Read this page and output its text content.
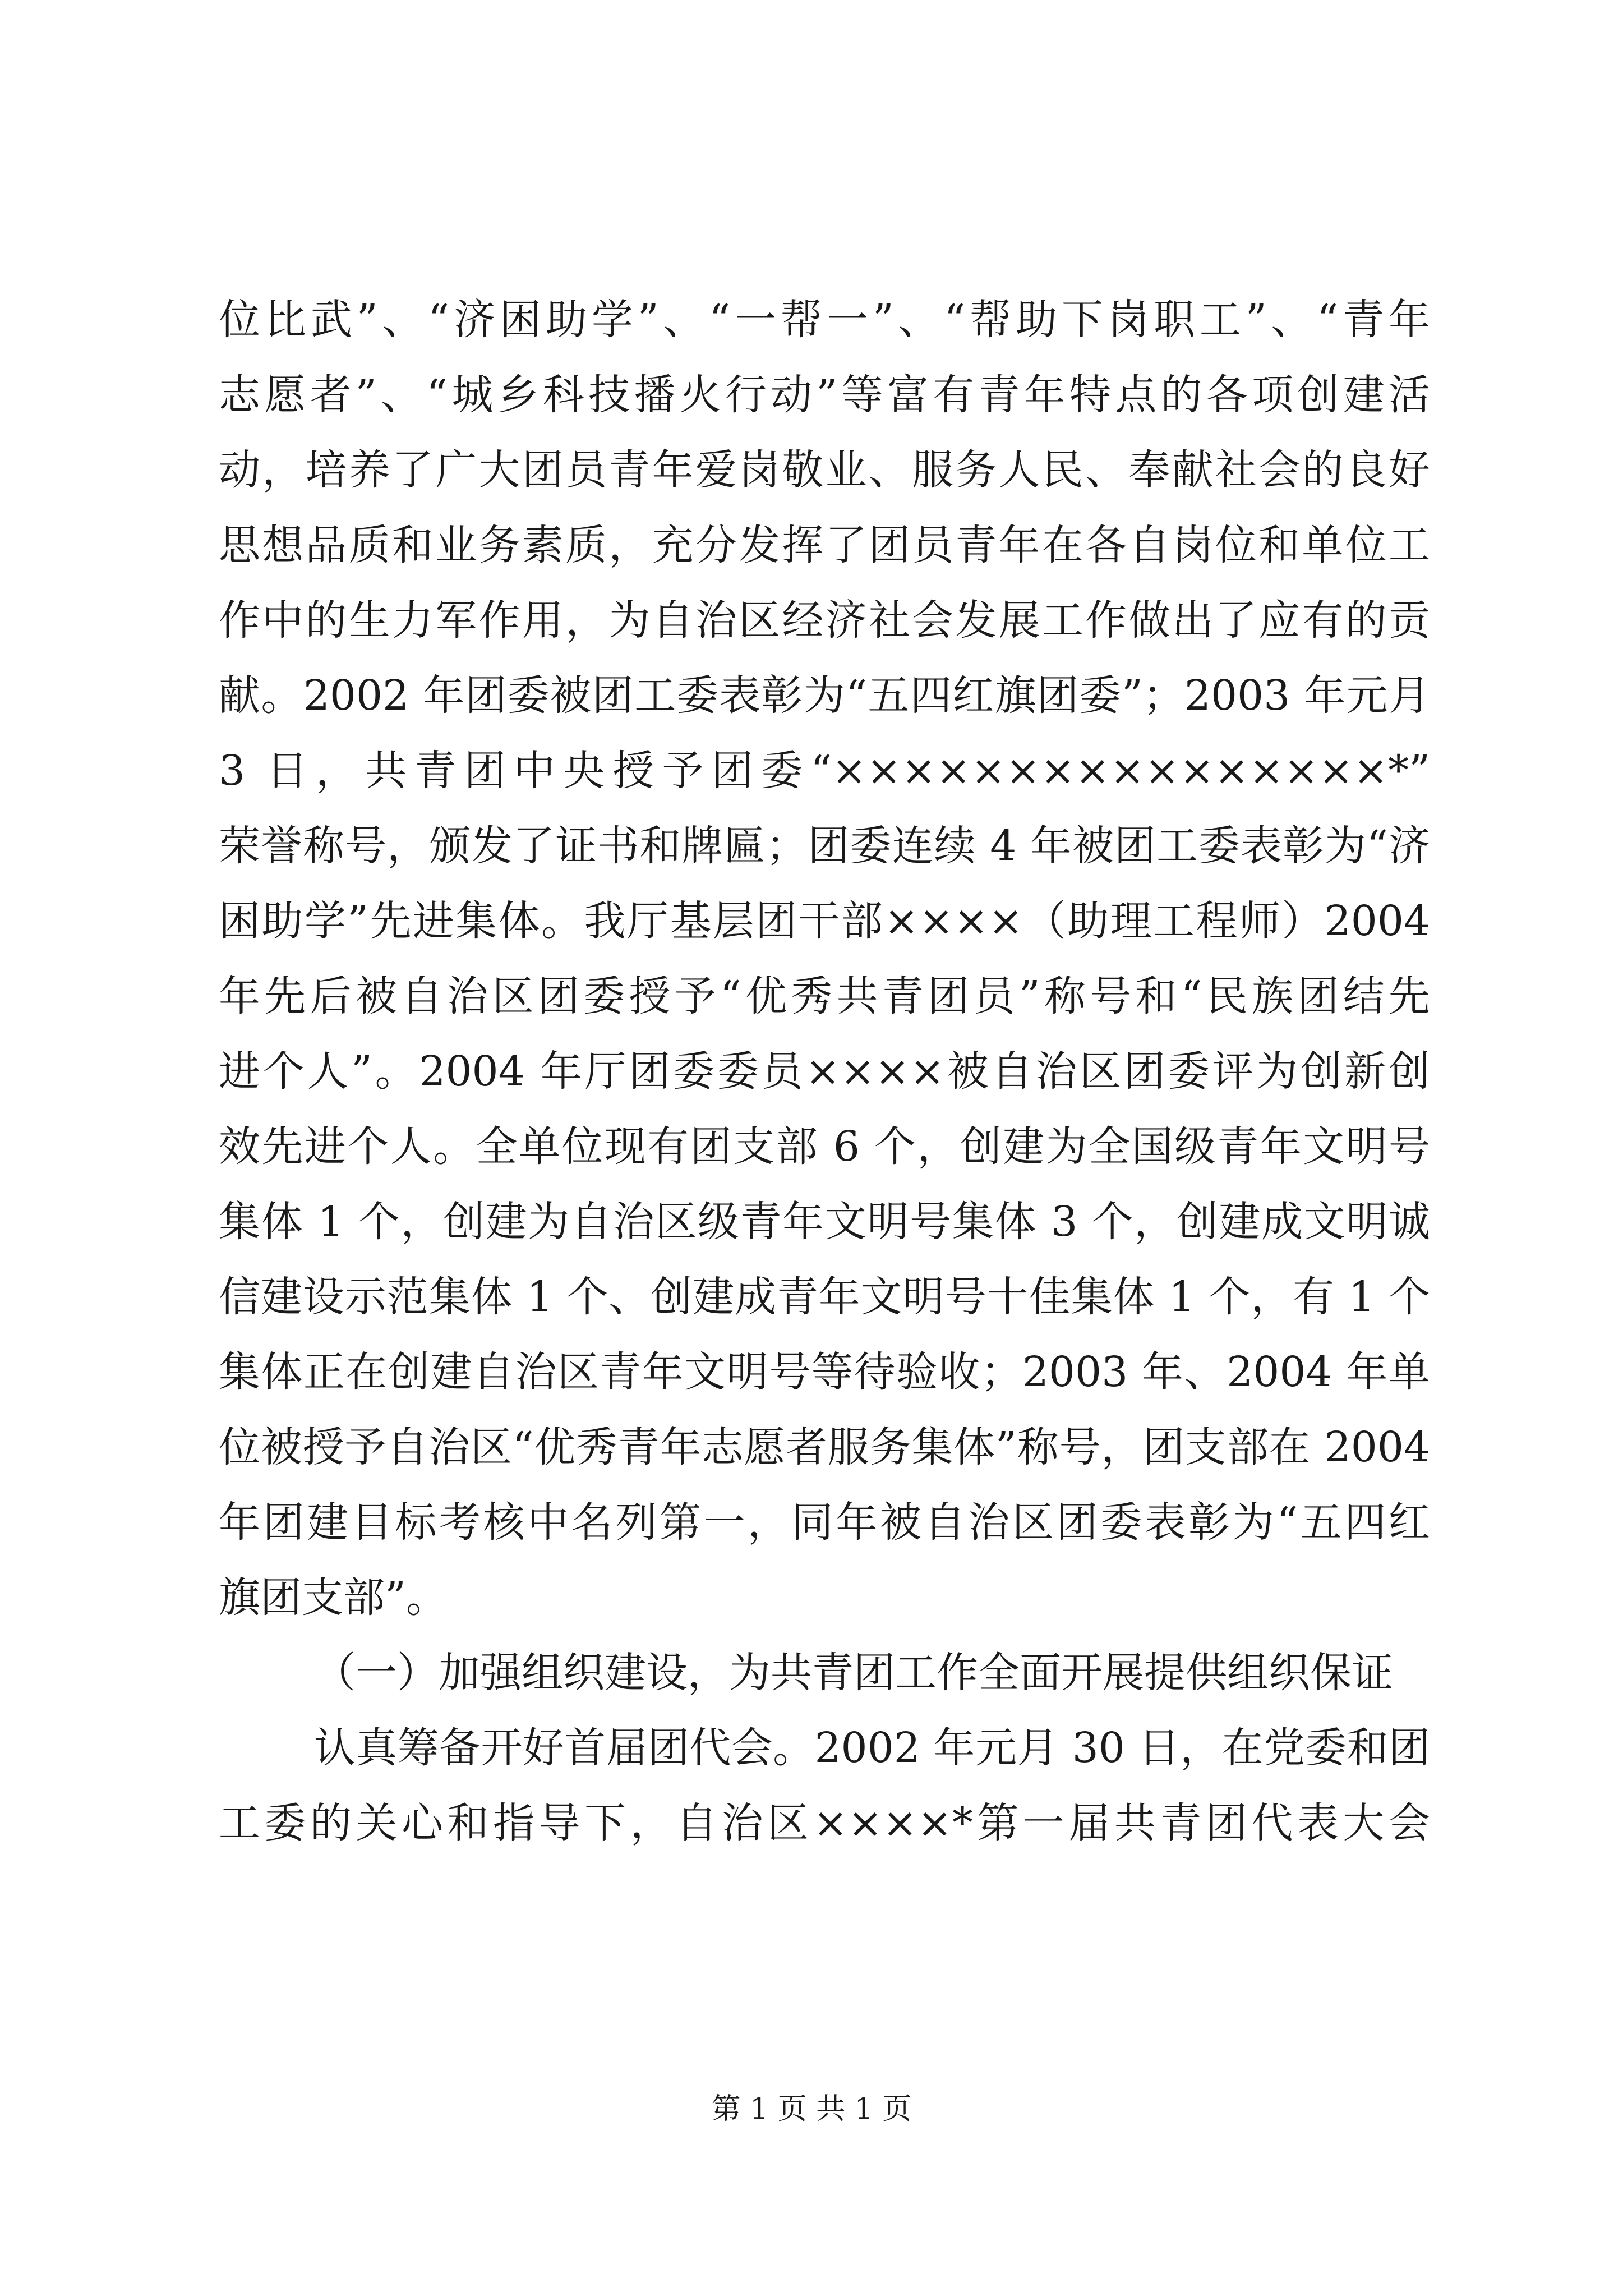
位比武”、“济困助学”、“一帮一”、“帮助下岗职工”、“青年
志愿者”、“城乡科技播火行动”等富有青年特点的各项创建活
动，培养了广大团员青年爱岗敬业、服务人民、奉献社会的良好
思想品质和业务素质，充分发挥了团员青年在各自岗位和单位工
作中的生力军作用，为自治区经济社会发展工作做出了应有的贡
献。2002 年团委被团工委表彰为“五四红旗团委”；2003 年元月
3 日，共青团中央授予团委“××××××××××××××××*”
荣誉称号，颁发了证书和牌匾；团委连续 4 年被团工委表彰为“济
困助学”先进集体。我厅基层团干部××××（助理工程师）2004
年先后被自治区团委授予“优秀共青团员”称号和“民族团结先
进个人”。2004 年厅团委委员××××被自治区团委评为创新创
效先进个人。全单位现有团支部 6 个，创建为全国级青年文明号
集体 1 个，创建为自治区级青年文明号集体 3 个，创建成文明诚
信建设示范集体 1 个、创建成青年文明号十佳集体 1 个，有 1 个
集体正在创建自治区青年文明号等待验收；2003 年、2004 年单
位被授予自治区“优秀青年志愿者服务集体”称号，团支部在 2004
年团建目标考核中名列第一，同年被自治区团委表彰为“五四红
旗团支部”。
（一）加强组织建设，为共青团工作全面开展提供组织保证
认真筹备开好首届团代会。2002 年元月 30 日，在党委和团
工委的关心和指导下，自治区××××*第一届共青团代表大会
第 1 页 共 1 页
